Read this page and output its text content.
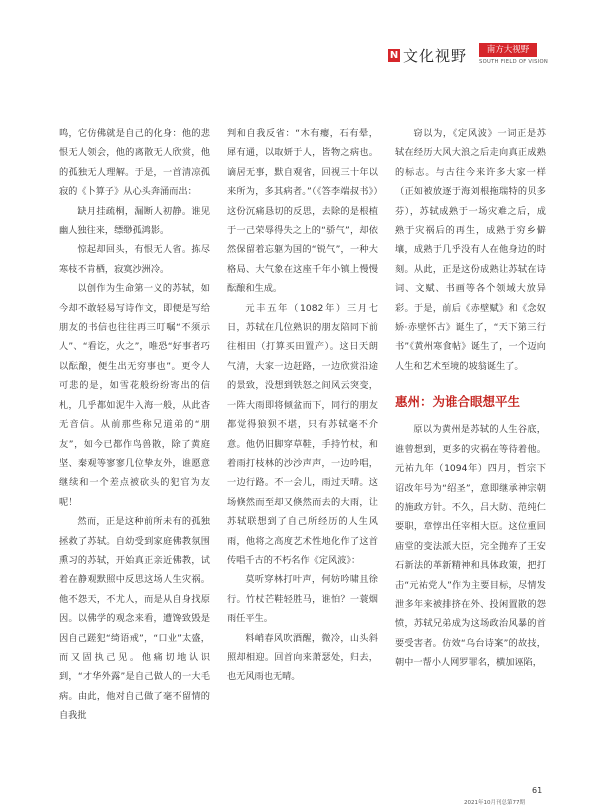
N 文化视野	南方大视野
SOUTH FIELD OF VISION

鸣，它仿佛就是自己的化身：他的悲恨无人领会，他的离散无人欣赏，他的孤独无人理解。于是，一首清凉孤寂的《卜算子》从心头奔涌而出：

缺月挂疏桐，漏断人初静。谁见幽人独往来，缥缈孤鸿影。

惊起却回头，有恨无人省。拣尽寒枝不肯栖，寂寞沙洲冷。

以创作为生命第一义的苏轼，如今却不敢轻易写诗作文，即便是写给朋友的书信也往往再三叮嘱“不须示人”、“看讫，火之”，唯恐“好事者巧以酝酿，便生出无穷事也”。更令人可悲的是，如雪花般纷纷寄出的信札，几乎都如泥牛入海一般，从此杳无音信。从前那些称兄道弟的“朋友”，如今已都作鸟兽散，除了黄庭坚、秦观等寥寥几位挚友外，谁愿意继续和一个差点被砍头的犯官为友呢！

然而，正是这种前所未有的孤独拯救了苏轼。自幼受到家庭佛教氛围熏习的苏轼，开始真正亲近佛教，试着在静观默照中反思这场人生灾祸。他不怨天，不尤人，而是从自身找原因。以佛学的观念来看，遭馋致毁是因自己蹉犯“绮语戒”，“口业”太盛，而又固执己见。他痛切地认识到，“才华外露”是自己做人的一大毛病。由此，他对自己做了毫不留情的自我批

判和自我反省：“木有瘿，石有晕，犀有通，以取妍于人，皆物之病也。谪居无事，默自观省，回视三十年以来所为，多其病者。”（《答李端叔书》）这份沉痛恳切的反思，去除的是根植于一己荣辱得失之上的“骄气”，却依然保留着忘躯为国的“锐气”，一种大格局、大气象在这座千年小镇上慢慢酝酿和生成。

元丰五年（1082年）三月七日，苏轼在几位熟识的朋友陪同下前往相田（打算买田置产）。这日天朗气清，大家一边赶路，一边欣赏沿途的景致，没想到铁怒之间风云突变，一阵大雨即将倾盆而下，同行的朋友都觉得狼狈不堪，只有苏轼毫不介意。他仍旧脚穿草鞋，手持竹杖，和着雨打枝林的沙沙声声，一边吟唱，一边行路。不一会儿，雨过天晴。这场倏然而至却又倏然而去的大雨，让苏轼联想到了自己所经历的人生风雨，他将之高度艺术性地化作了这首传唱千古的不朽名作《定风波》：

莫听穿林打叶声，何妨吟啸且徐行。竹杖芒鞋轻胜马，谁怕？一蓑烟雨任平生。

料峭春风吹酒醒，微冷，山头斜照却相迎。回首向来萧瑟处，归去，也无风雨也无晴。

窃以为，《定风波》一词正是苏轼在经历大风大浪之后走向真正成熟的标志。与古往今来许多大家一样（正如被放逐于海刘根拖瑞特的贝多芬），苏轼成熟于一场灾难之后，成熟于灾祸后的再生，成熟于穷乡僻壤，成熟于几乎没有人在他身边的时刻。从此，正是这份成熟让苏轼在诗词、文赋、书画等各个领域大放异彩。于是，前后《赤壁赋》和《念奴娇·赤壁怀古》诞生了，“天下第三行书”《黄州寒食帖》诞生了，一个迈向人生和艺术至境的坡翁诞生了。

惠州：为谁合眼想平生

原以为黄州是苏轼的人生谷底，谁曾想到，更多的灾祸在等待着他。元祐九年（1094年）四月，哲宗下诏改年号为“绍圣”，意即继承神宗朝的施政方针。不久，吕大防、范纯仁要职，章惇出任宰相大臣。这位重回庙堂的变法派大臣，完全抛弃了王安石新法的革新精神和具体政策，把打击“元祐党人”作为主要目标，尽情发泄多年来被排挤在外、投闲置散的怨愤，苏轼兄弟成为这场政治风暴的首要受害者。仿效“乌台诗案”的故技，朝中一帮小人网罗罪名，横加诬陷，

61
2021年10月刊总第77期
